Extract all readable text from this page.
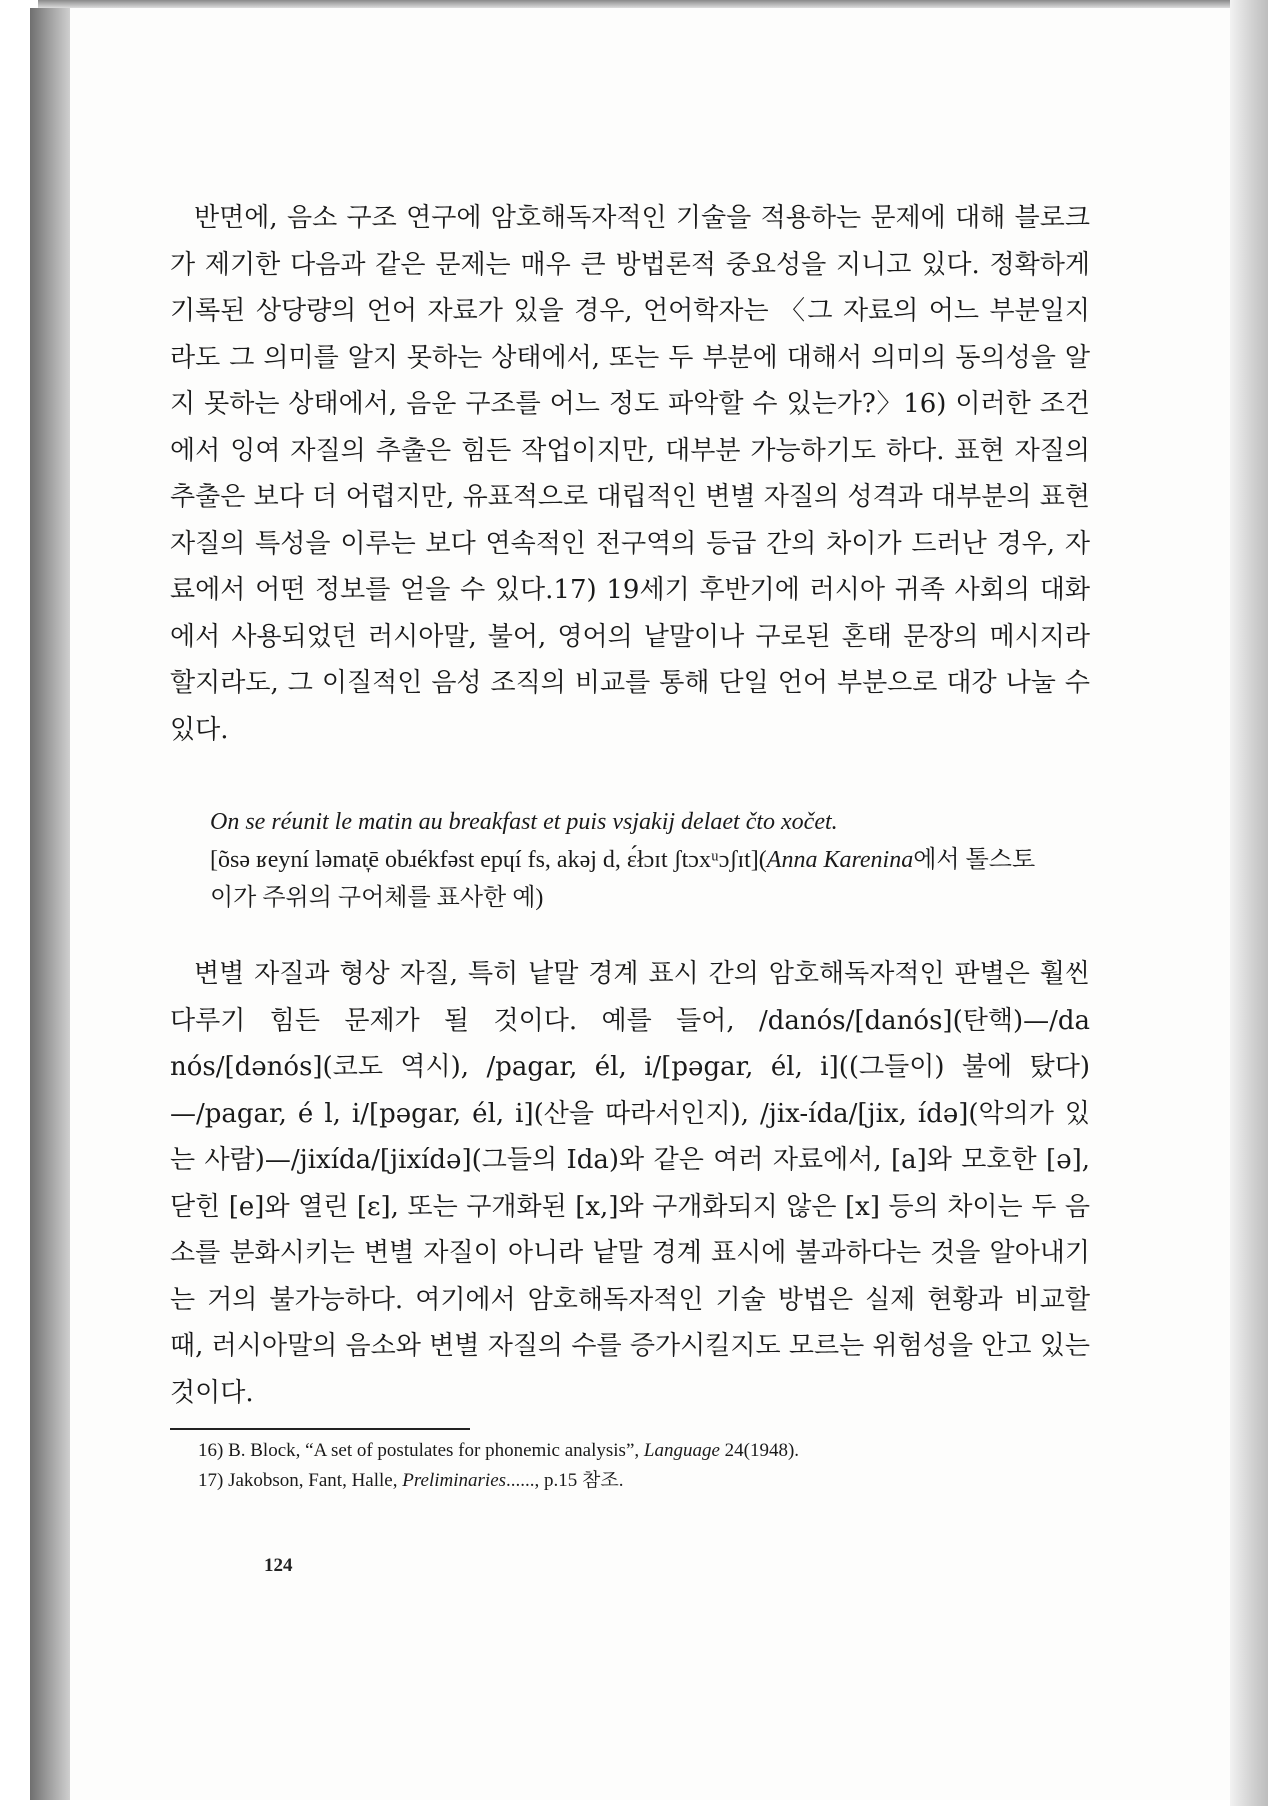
반면에, 음소 구조 연구에 암호해독자적인 기술을 적용하는 문제에 대해 블로크가 제기한 다음과 같은 문제는 매우 큰 방법론적 중요성을 지니고 있다. 정확하게 기록된 상당량의 언어 자료가 있을 경우, 언어학자는 〈그 자료의 어느 부분일지라도 그 의미를 알지 못하는 상태에서, 또는 두 부분에 대해서 의미의 동의성을 알지 못하는 상태에서, 음운 구조를 어느 정도 파악할 수 있는가?〉16) 이러한 조건에서 잉여 자질의 추출은 힘든 작업이지만, 대부분 가능하기도 하다. 표현 자질의 추출은 보다 더 어렵지만, 유표적으로 대립적인 변별 자질의 성격과 대부분의 표현 자질의 특성을 이루는 보다 연속적인 전구역의 등급 간의 차이가 드러난 경우, 자료에서 어떤 정보를 얻을 수 있다.17) 19세기 후반기에 러시아 귀족 사회의 대화에서 사용되었던 러시아말, 불어, 영어의 낱말이나 구로된 혼태 문장의 메시지라 할지라도, 그 이질적인 음성 조직의 비교를 통해 단일 언어 부분으로 대강 나눌 수 있다.

On se réunit le matin au breakfast et puis vsjakij delaet čto xočet.
[õsə ʁeyní ləmat̞ē obɹékfəst epɥí fs, akəj d, ɛ́łɔɪt ʃtɔxᵘɔʃɪt](Anna Karenina에서 톨스토이가 주위의 구어체를 표사한 예)

변별 자질과 형상 자질, 특히 낱말 경계 표시 간의 암호해독자적인 판별은 훨씬 다루기 힘든 문제가 될 것이다. 예를 들어, /danós/[danós](탄핵)—/da nós/[dənós](코도 역시), /pagar, él, i/[pəgar, él, i]((그들이) 불에 탔다)—/pagar, é l, i/[pəgar, él, i](산을 따라서인지), /jix-ída/[jix, ídə](악의가 있는 사람)—/jixída/[jixídə](그들의 Ida)와 같은 여러 자료에서, [a]와 모호한 [ə], 닫힌 [e]와 열린 [ɛ], 또는 구개화된 [x,]와 구개화되지 않은 [x] 등의 차이는 두 음소를 분화시키는 변별 자질이 아니라 낱말 경계 표시에 불과하다는 것을 알아내기는 거의 불가능하다. 여기에서 암호해독자적인 기술 방법은 실제 현황과 비교할 때, 러시아말의 음소와 변별 자질의 수를 증가시킬지도 모르는 위험성을 안고 있는 것이다.

16) B. Block, “A set of postulates for phonemic analysis”, Language 24(1948).

17) Jakobson, Fant, Halle, Preliminaries......, p.15 참조.

124
